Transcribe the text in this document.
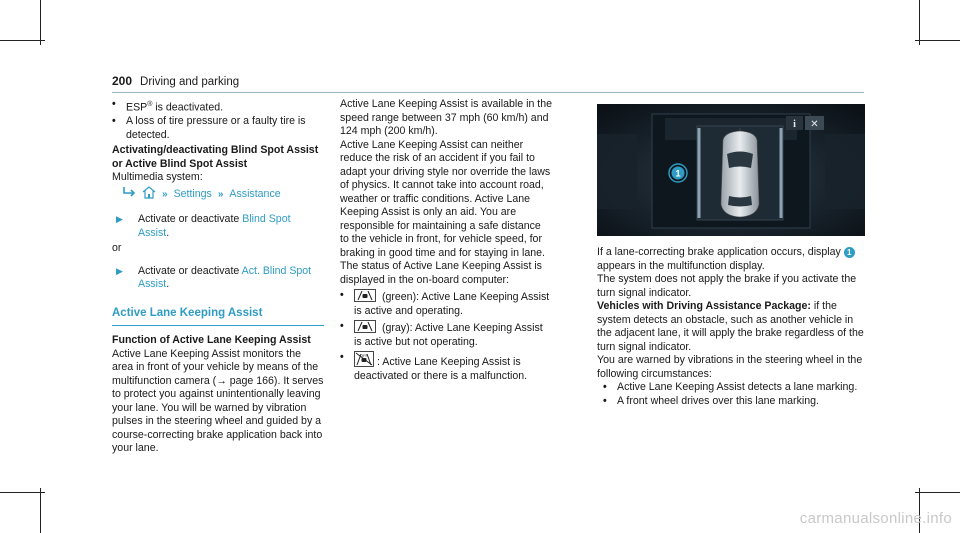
200 Driving and parking
• ESP® is deactivated.
• A loss of tire pressure or a faulty tire is detected.

Activating/deactivating Blind Spot Assist or Active Blind Spot Assist

Multimedia system:

» Settings » Assistance
▶	Activate or deactivate Blind Spot Assist.

or

▶	Activate or deactivate Act. Blind Spot Assist.
Active Lane Keeping Assist

Function of Active Lane Keeping Assist

Active Lane Keeping Assist monitors the area in front of your vehicle by means of the multifunction camera (→ page 166). It serves to protect you against unintentionally leaving your lane. You will be warned by vibration pulses in the steering wheel and guided by a course-correcting brake application back into your lane.

Active Lane Keeping Assist is available in the speed range between 37 mph (60 km/h) and 124 mph (200 km/h).

Active Lane Keeping Assist can neither reduce the risk of an accident if you fail to adapt your driving style nor override the laws of physics. It cannot take into account road, weather or traffic conditions. Active Lane Keeping Assist is only an aid. You are responsible for maintaining a safe distance to the vehicle in front, for vehicle speed, for braking in good time and for staying in lane.

The status of Active Lane Keeping Assist is displayed in the on-board computer:

•	(green): Active Lane Keeping Assist is active and operating.
•	(gray): Active Lane Keeping Assist is active but not operating.
•	OFF
: Active Lane Keeping Assist is deactivated or there is a malfunction.
i ✕
1

If a lane-correcting brake application occurs, display 1 appears in the multifunction display.

The system does not apply the brake if you activate the turn signal indicator.

Vehicles with Driving Assistance Package: if the system detects an obstacle, such as another vehicle in the adjacent lane, it will apply the brake regardless of the turn signal indicator.

You are warned by vibrations in the steering wheel in the following circumstances:

• Active Lane Keeping Assist detects a lane marking.
• A front wheel drives over this lane marking.
carmanualsonline.info
